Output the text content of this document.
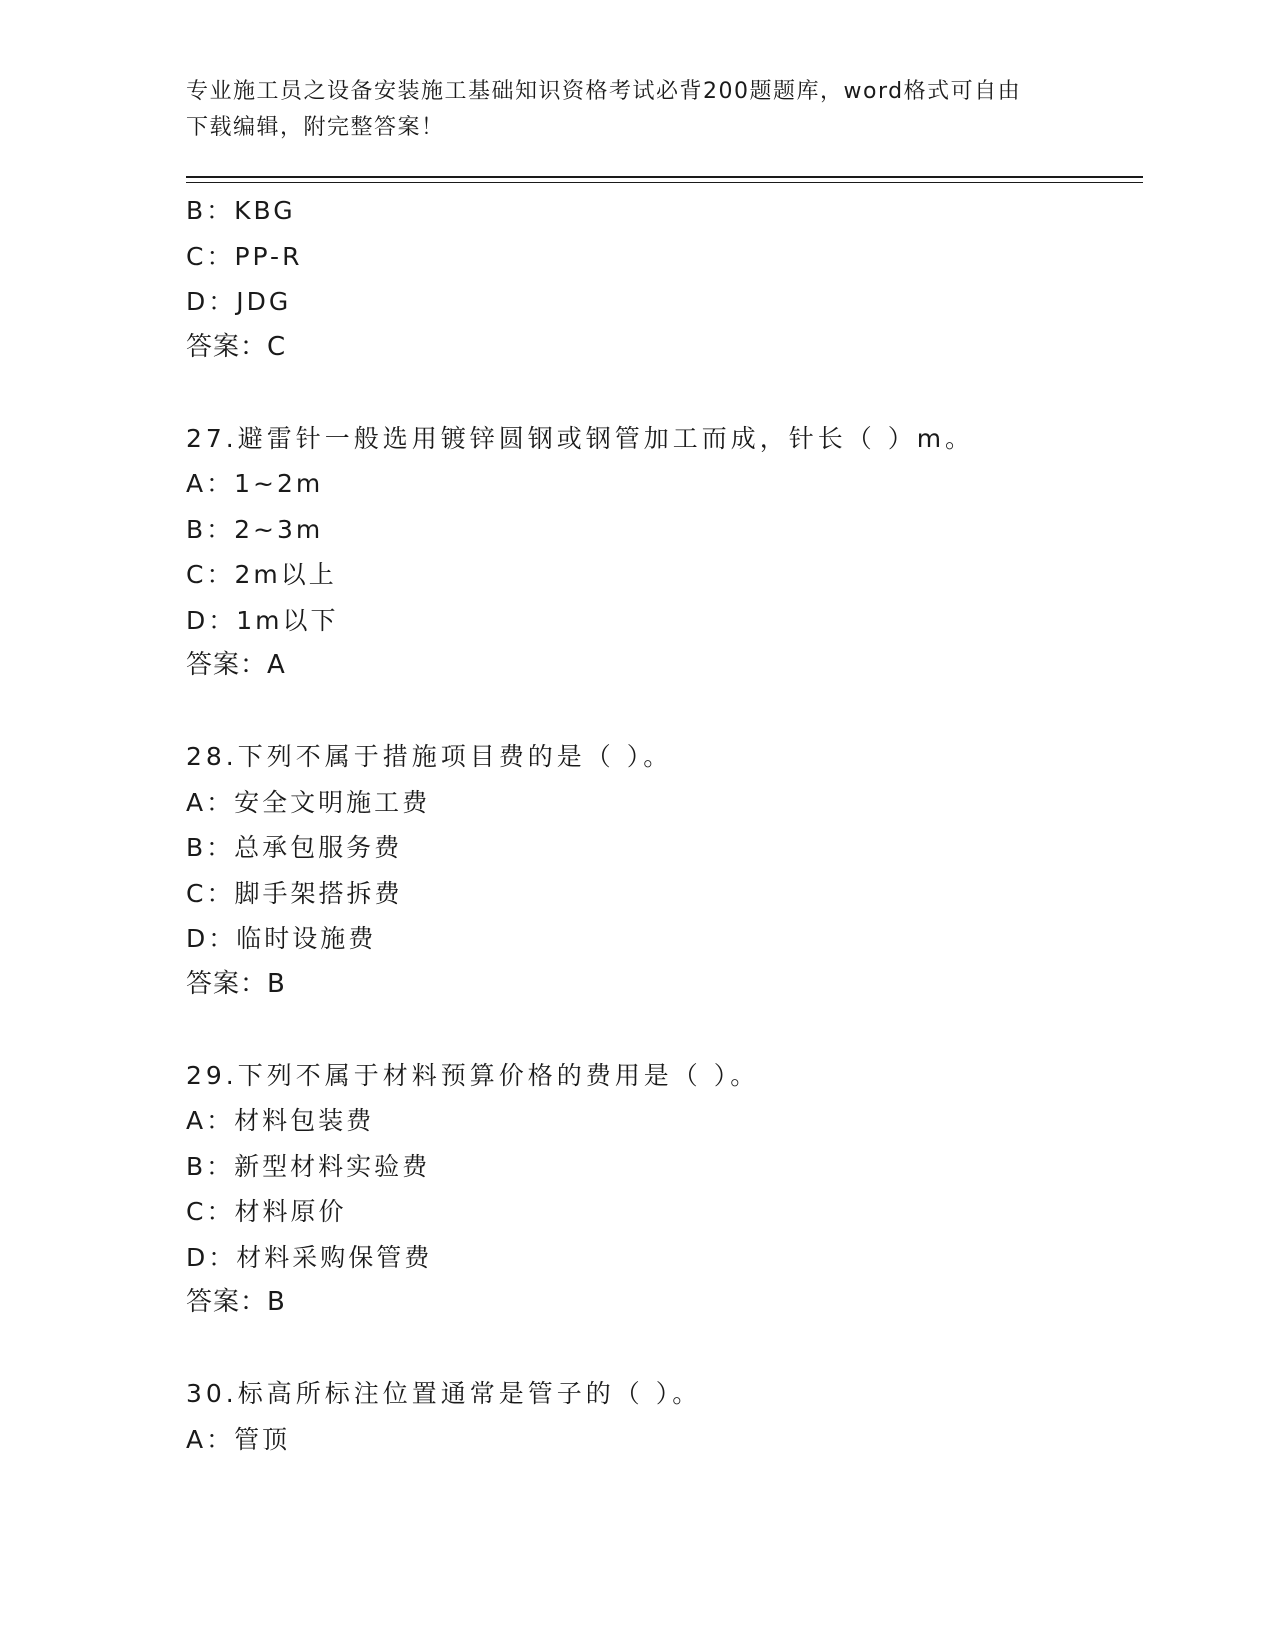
专业施工员之设备安装施工基础知识资格考试必背200题题库，word格式可自由
下载编辑，附完整答案！
B：KBG
C：PP-R
D：JDG
答案：C
27.避雷针一般选用镀锌圆钢或钢管加工而成，针长（ ）m。
A：1~2m
B：2~3m
C：2m以上
D：1m以下
答案：A
28.下列不属于措施项目费的是（ ）。
A：安全文明施工费
B：总承包服务费
C：脚手架搭拆费
D：临时设施费
答案：B
29.下列不属于材料预算价格的费用是（ ）。
A：材料包装费
B：新型材料实验费
C：材料原价
D：材料采购保管费
答案：B
30.标高所标注位置通常是管子的（ ）。
A：管顶
